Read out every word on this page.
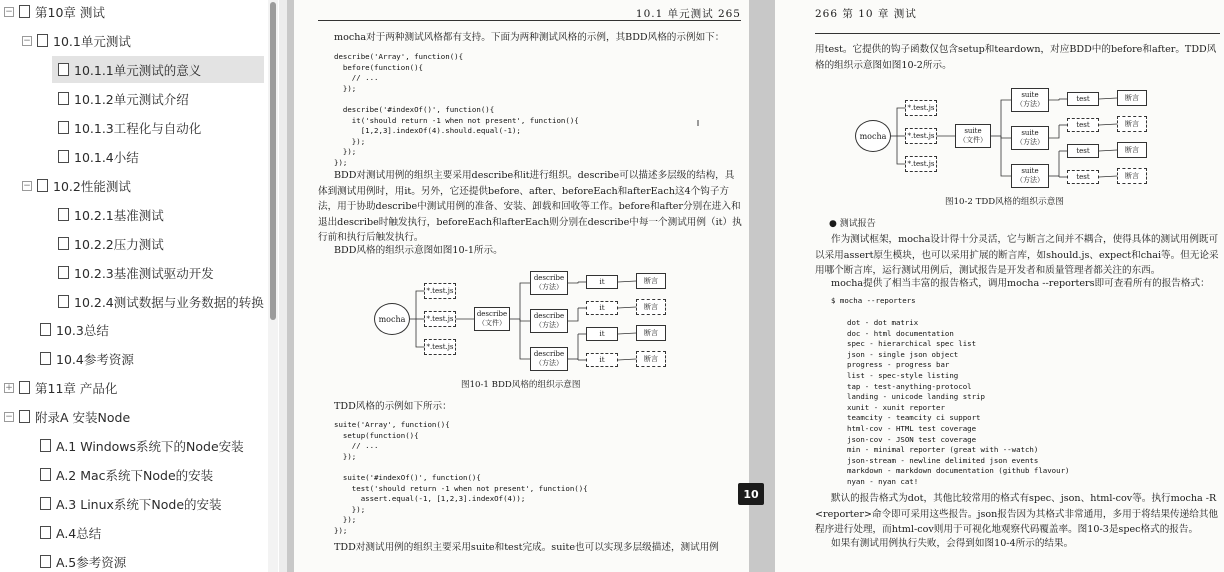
− 第10章 测试
− 10.1单元测试
10.1.1单元测试的意义
10.1.2单元测试介绍
10.1.3工程化与自动化
10.1.4小结
− 10.2性能测试
10.2.1基准测试
10.2.2压力测试
10.2.3基准测试驱动开发
10.2.4测试数据与业务数据的转换
10.3总结
10.4参考资源
+ 第11章 产品化
− 附录A 安装Node
A.1 Windows系统下的Node安装
A.2 Mac系统下Node的安装
A.3 Linux系统下Node的安装
A.4总结
A.5参考资源
10.1 单元测试 265
mocha对于两种测试风格都有支持。下面为两种测试风格的示例，其BDD风格的示例如下：
describe('Array', function(){
before(function(){
// ...
});

describe('#indexOf()', function(){
it('should return -1 when not present', function(){
[1,2,3].indexOf(4).should.equal(-1);
});
});
});
BDD对测试用例的组织主要采用describe和it进行组织。describe可以描述多层级的结构，具体到测试用例时，用it。另外，它还提供before、after、beforeEach和afterEach这4个钩子方法，用于协助describe中测试用例的准备、安装、卸载和回收等工作。before和after分别在进入和退出describe时触发执行，beforeEach和afterEach则分别在describe中每一个测试用例（it）执行前和执行后触发执行。
BDD风格的组织示意图如图10-1所示。
mocha
*.test.js
*.test.js
*.test.js
describe
（文件）
describe
（方法）
describe
（方法）
describe
（方法）
it	断言
it	断言
it	断言
it	断言
图10-1 BDD风格的组织示意图
TDD风格的示例如下所示：
suite('Array', function(){
setup(function(){
// ...
});

suite('#indexOf()', function(){
test('should return -1 when not present', function(){
assert.equal(-1, [1,2,3].indexOf(4));
});
});
});
TDD对测试用例的组织主要采用suite和test完成。suite也可以实现多层级描述，测试用例
10
266 第 10 章 测试
用test。它提供的钩子函数仅包含setup和teardown，对应BDD中的before和after。TDD风格的组织示意图如图10-2所示。
mocha
*.test.js
*.test.js
*.test.js
suite
（文件）
suite
（方法）
suite
（方法）
suite
（方法）
test	断言
test	断言
test	断言
test	断言
图10-2 TDD风格的组织示意图
● 测试报告
作为测试框架，mocha设计得十分灵活，它与断言之间并不耦合，使得具体的测试用例既可以采用assert原生模块，也可以采用扩展的断言库，如should.js、expect和chai等。但无论采用哪个断言库，运行测试用例后，测试报告是开发者和质量管理者都关注的东西。
mocha提供了相当丰富的报告格式，调用mocha --reporters即可查看所有的报告格式：
$ mocha --reporters
dot - dot matrix
doc - html documentation
spec - hierarchical spec list
json - single json object
progress - progress bar
list - spec-style listing
tap - test-anything-protocol
landing - unicode landing strip
xunit - xunit reporter
teamcity - teamcity ci support
html-cov - HTML test coverage
json-cov - JSON test coverage
min - minimal reporter (great with --watch)
json-stream - newline delimited json events
markdown - markdown documentation (github flavour)
nyan - nyan cat!
默认的报告格式为dot，其他比较常用的格式有spec、json、html-cov等。执行mocha -R <reporter>命令即可采用这些报告。json报告因为其格式非常通用，多用于将结果传递给其他程序进行处理，而html-cov则用于可视化地观察代码覆盖率。图10-3是spec格式的报告。
如果有测试用例执行失败，会得到如图10-4所示的结果。
